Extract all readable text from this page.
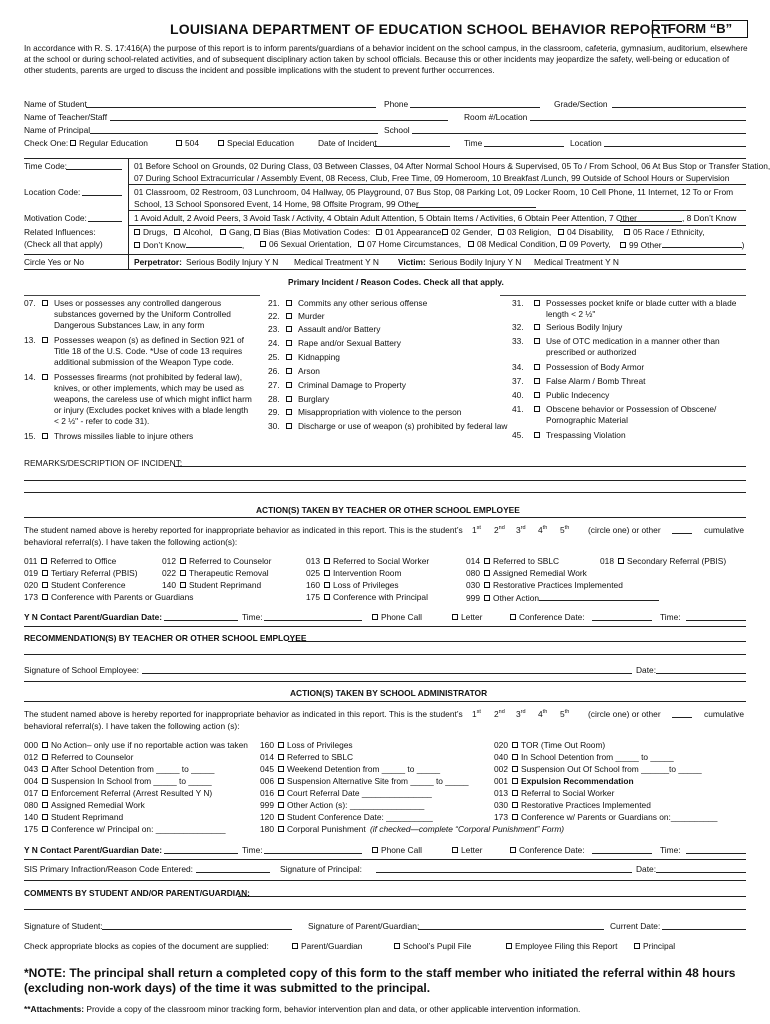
LOUISIANA DEPARTMENT OF EDUCATION SCHOOL BEHAVIOR REPORT
FORM “B”
In accordance with R. S. 17:416(A) the purpose of this report is to inform parents/guardians of a behavior incident on the school campus, in the classroom, cafeteria, gymnasium, auditorium, elsewhere at the school or during school-related activities, and of subsequent disciplinary action taken by school officials. Because this or other incidents may jeopardize the safety, well-being or education of other students, parents are urged to discuss the incident and possible implications with the student to prevent further occurrences.
Name of Student	Phone	Grade/Section
Name of Teacher/Staff	Room #/Location
Name of Principal	School
Check One:	Regular Education	504	Special Education	Date of Incident	Time	Location
Time Code:	01 Before School on Grounds, 02 During Class, 03 Between Classes, 04 After Normal School Hours & Supervised, 05 To / From School, 06 At Bus Stop or Transfer Station,
07 During School Extracurricular / Assembly Event, 08 Recess, Club, Free Time, 09 Homeroom, 10 Breakfast /Lunch, 99 Outside of School Hours or Supervision
Location Code:	01 Classroom, 02 Restroom, 03 Lunchroom, 04 Hallway, 05 Playground, 07 Bus Stop, 08 Parking Lot, 09 Locker Room, 10 Cell Phone, 11 Internet, 12 To or From
School, 13 School Sponsored Event, 14 Home, 98 Offsite Program, 99 Other
Motivation Code:	1 Avoid Adult, 2 Avoid Peers, 3 Avoid Task / Activity, 4 Obtain Adult Attention, 5 Obtain Items / Activities, 6 Obtain Peer Attention, 7 Other	, 8 Don’t Know
Related Influences:	Drugs,	Alcohol,	Gang,	Bias (Bias Motivation Codes:	01 Appearance, 02 Gender,	03 Religion,	04 Disability,	05 Race / Ethnicity,
(Check all that apply)	Don’t Know	,	06 Sexual Orientation,	07 Home Circumstances,	08 Medical Condition,	09 Poverty,	99 Other	)
Circle Yes or No	Perpetrator: Serious Bodily Injury Y N Medical Treatment Y N Victim: Serious Bodily Injury Y N Medical Treatment Y N
Primary Incident / Reason Codes. Check all that apply.
07.	Uses or possesses any controlled dangerous substances governed by the Uniform Controlled Dangerous Substances Law, in any form
13.	Possesses weapon (s) as defined in Section 921 of Title 18 of the U.S. Code. *Use of code 13 requires additional submission of the Weapon Type code.
14.	Possesses firearms (not prohibited by federal law), knives, or other implements, which may be used as weapons, the careless use of which might inflict harm or injury (Excludes pocket knives with a blade length < 2 ½" - refer to code 31).
15.	Throws missiles liable to injure others
21.	Commits any other serious offense
22.	Murder
23.	Assault and/or Battery
24.	Rape and/or Sexual Battery
25.	Kidnapping
26.	Arson
27.	Criminal Damage to Property
28.	Burglary
29.	Misappropriation with violence to the person
30.	Discharge or use of weapon (s) prohibited by federal law
31.	Possesses pocket knife or blade cutter with a blade length < 2 ½"
32.	Serious Bodily Injury
33.	Use of OTC medication in a manner other than prescribed or authorized
34.	Possession of Body Armor
37.	False Alarm / Bomb Threat
40.	Public Indecency
41.	Obscene behavior or Possession of Obscene/ Pornographic Material
45.	Trespassing Violation
REMARKS/DESCRIPTION OF INCIDENT:
ACTION(S) TAKEN BY TEACHER OR OTHER SCHOOL EMPLOYEE
The student named above is hereby reported for inappropriate behavior as indicated in this report. This is the student’s 1st 2nd 3rd 4th 5th (circle one) or other	cumulative
behavioral referral(s). I have taken the following action(s):
011 Referred to Office	012 Referred to Counselor	013 Referred to Social Worker	014 Referred to SBLC	018 Secondary Referral (PBIS)
019 Tertiary Referral (PBIS)	022 Therapeutic Removal	025 Intervention Room	080 Assigned Remedial Work
020 Student Conference	140 Student Reprimand	160 Loss of Privileges	030 Restorative Practices Implemented
173 Conference with Parents or Guardians	175 Conference with Principal	999 Other Action
Y N Contact Parent/Guardian Date:	Time:	Phone Call	Letter	Conference Date:	Time:
RECOMMENDATION(S) BY TEACHER OR OTHER SCHOOL EMPLOYEE
Signature of School Employee:	Date:
ACTION(S) TAKEN BY SCHOOL ADMINISTRATOR
The student named above is hereby reported for inappropriate behavior as indicated in this report. This is the student’s 1st 2nd 3rd 4th 5th (circle one) or other	cumulative
behavioral referral(s). I have taken the following action (s):
000 No Action– only use if no reportable action was taken
012 Referred to Counselor
043 After School Detention from _____ to _____
004 Suspension In School from _____ to _____
017 Enforcement Referral (Arrest Resulted Y N)
080 Assigned Remedial Work
140 Student Reprimand
175 Conference w/ Principal on: _______________
160 Loss of Privileges
014 Referred to SBLC
045 Weekend Detention from _____ to _____
006 Suspension Alternative Site from _____ to _____
016 Court Referral Date _______________
999 Other Action (s): ________________
120 Student Conference Date: __________
180 Corporal Punishment
020 TOR (Time Out Room)
040 In School Detention from _____ to _____
002 Suspension Out Of School from ______to _____
001 Expulsion Recommendation
013 Referral to Social Worker
030 Restorative Practices Implemented
173 Conference w/ Parents or Guardians on:__________
(if checked—complete “Corporal Punishment” Form)
Y N Contact Parent/Guardian Date:	Time:	Phone Call	Letter	Conference Date:	Time:
SIS Primary Infraction/Reason Code Entered:	Signature of Principal:	Date:
COMMENTS BY STUDENT AND/OR PARENT/GUARDIAN:
Signature of Student:	Signature of Parent/Guardian:	Current Date:
Check appropriate blocks as copies of the document are supplied:	Parent/Guardian	School’s Pupil File	Employee Filing this Report	Principal
*NOTE: The principal shall return a completed copy of this form to the staff member who initiated the referral within 48 hours (excluding non-work days) of the time it was submitted to the principal.
**Attachments: Provide a copy of the classroom minor tracking form, behavior intervention plan and data, or other applicable intervention information.
